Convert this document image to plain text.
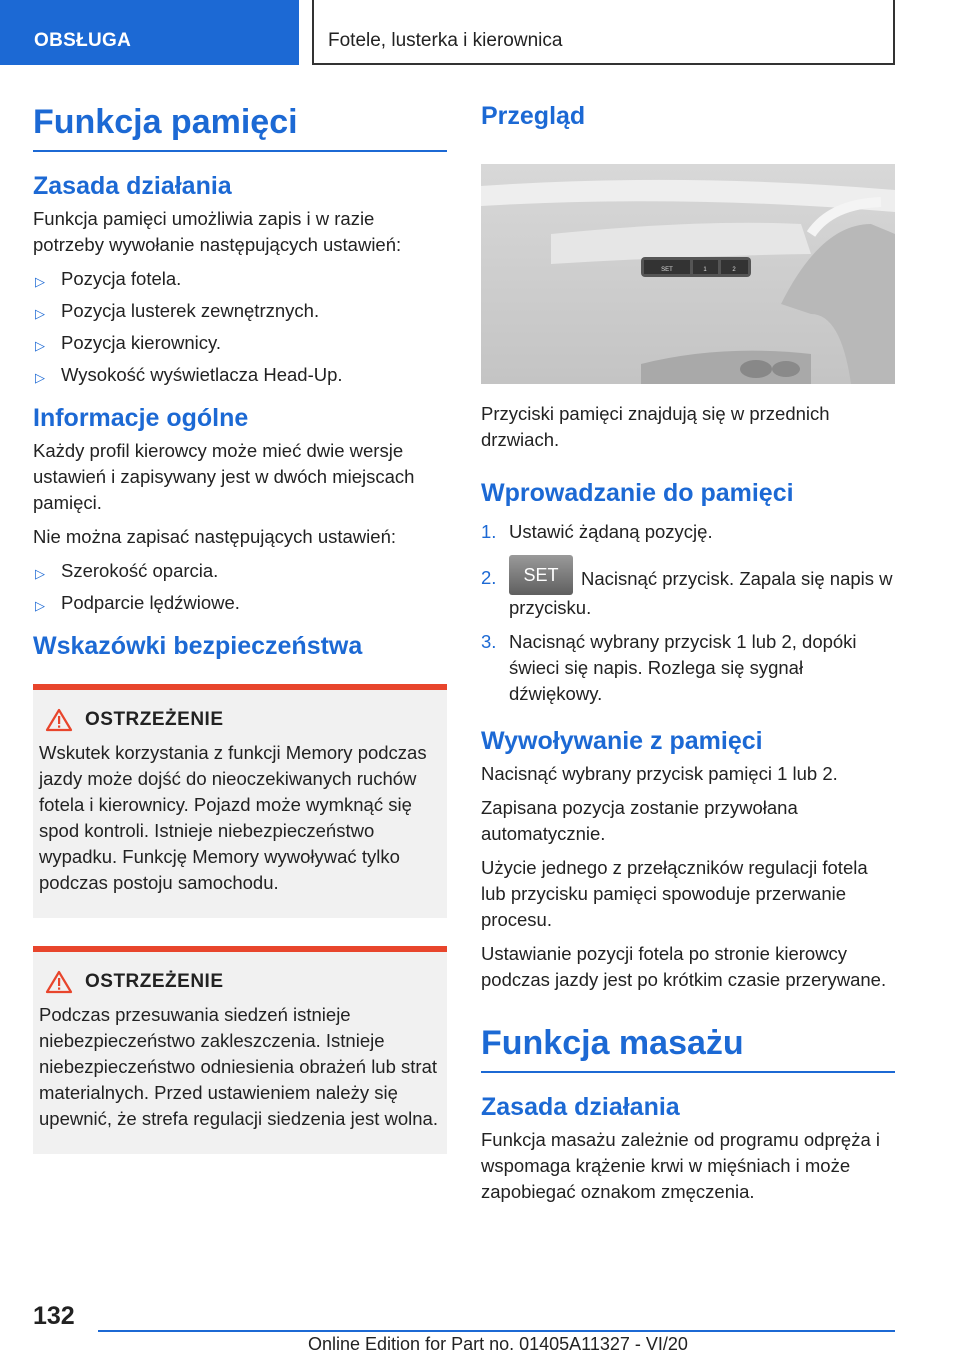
OBSŁUGA	Fotele, lusterka i kierownica
Funkcja pamięci
Zasada działania

Funkcja pamięci umożliwia zapis i w razie potrzeby wywołanie następujących ustawień:

▷ Pozycja fotela.
▷ Pozycja lusterek zewnętrznych.
▷ Pozycja kierownicy.
▷ Wysokość wyświetlacza Head-Up.
Informacje ogólne

Każdy profil kierowcy może mieć dwie wersje ustawień i zapisywany jest w dwóch miejscach pamięci.

Nie można zapisać następujących ustawień:

▷ Szerokość oparcia.
▷ Podparcie lędźwiowe.
Wskazówki bezpieczeństwa
OSTRZEŻENIE

Wskutek korzystania z funkcji Memory podczas jazdy może dojść do nieoczekiwanych ruchów fotela i kierownicy. Pojazd może wymknąć się spod kontroli. Istnieje niebezpieczeństwo wypadku. Funkcję Memory wywoływać tylko podczas postoju samochodu.

OSTRZEŻENIE

Podczas przesuwania siedzeń istnieje niebezpieczeństwo zakleszczenia. Istnieje niebezpieczeństwo odniesienia obrażeń lub strat materialnych. Przed ustawieniem należy się upewnić, że strefa regulacji siedzenia jest wolna.

Przegląd
SET	1	2

Przyciski pamięci znajdują się w przednich drzwiach.

Wprowadzanie do pamięci
1. Ustawić żądaną pozycję.
2. SET Nacisnąć przycisk. Zapala się napis w przycisku.
3. Nacisnąć wybrany przycisk 1 lub 2, dopóki świeci się napis. Rozlega się sygnał dźwiękowy.
Wywoływanie z pamięci

Nacisnąć wybrany przycisk pamięci 1 lub 2.

Zapisana pozycja zostanie przywołana automatycznie.

Użycie jednego z przełączników regulacji fotela lub przycisku pamięci spowoduje przerwanie procesu.

Ustawianie pozycji fotela po stronie kierowcy podczas jazdy jest po krótkim czasie przerywane.

Funkcja masażu
Zasada działania

Funkcja masażu zależnie od programu odpręża i wspomaga krążenie krwi w mięśniach i może zapobiegać oznakom zmęczenia.

132
Online Edition for Part no. 01405A11327 - VI/20
